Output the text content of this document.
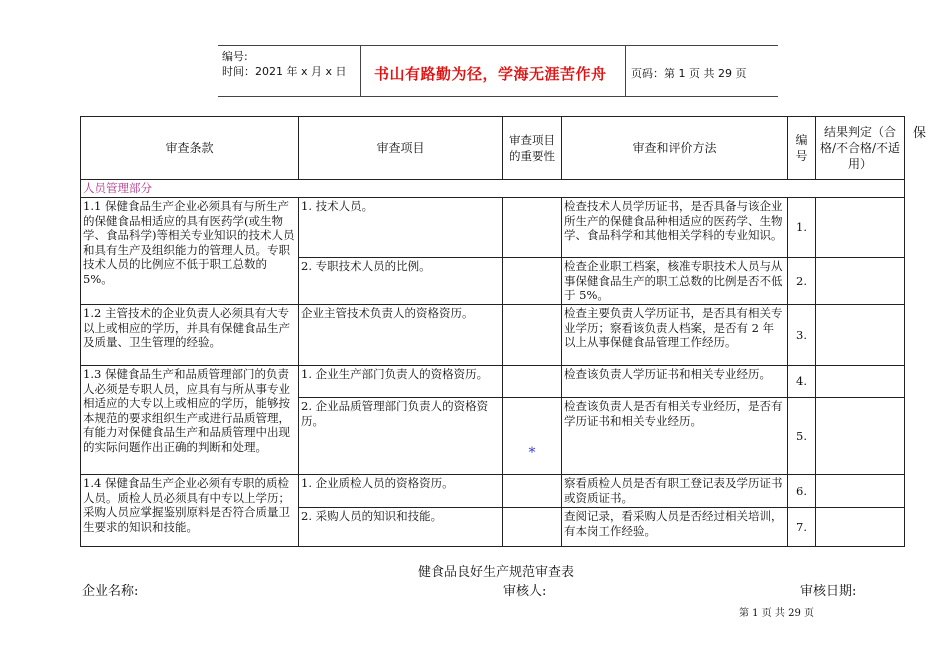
编号:
时间：2021 年 x 月 x 日 书山有路勤为径，学海无涯苦作舟 页码：第 1 页 共 29 页
保
审查条款	审查项目	审查项目的重要性	审查和评价方法	编号	结果判定（合格/不合格/不适用）
人员管理部分					
1.1 保健食品生产企业必须具有与所生产的保健食品相适应的具有医药学(或生物学、食品科学)等相关专业知识的技术人员和具有生产及组织能力的管理人员。专职技术人员的比例应不低于职工总数的 5%。	1. 技术人员。		检查技术人员学历证书，是否具备与该企业所生产的保健食品种相适应的医药学、生物学、食品科学和其他相关学科的专业知识。	1.	
	2. 专职技术人员的比例。		检查企业职工档案，核准专职技术人员与从事保健食品生产的职工总数的比例是否不低于 5%。	2.	
1.2 主管技术的企业负责人必须具有大专以上或相应的学历，并具有保健食品生产及质量、卫生管理的经验。	企业主管技术负责人的资格资历。		检查主要负责人学历证书，是否具有相关专业学历；察看该负责人档案，是否有 2 年以上从事保健食品管理工作经历。	3.	
1.3 保健食品生产和品质管理部门的负责人必须是专职人员，应具有与所从事专业相适应的大专以上或相应的学历，能够按本规范的要求组织生产或进行品质管理，有能力对保健食品生产和品质管理中出现的实际问题作出正确的判断和处理。	1. 企业生产部门负责人的资格资历。		检查该负责人学历证书和相关专业经历。	4.	
	2. 企业品质管理部门负责人的资格资历。	*	检查该负责人是否有相关专业经历，是否有学历证书和相关专业经历。	5.	
1.4 保健食品生产企业必须有专职的质检人员。质检人员必须具有中专以上学历；采购人员应掌握鉴别原料是否符合质量卫生要求的知识和技能。	1. 企业质检人员的资格资历。		察看质检人员是否有职工登记表及学历证书或资质证书。	6.	
	2. 采购人员的知识和技能。		查阅记录，看采购人员是否经过相关培训，有本岗工作经验。	7.	
健食品良好生产规范审查表
企业名称:	审核人:	审核日期:
第 1 页 共 29 页
